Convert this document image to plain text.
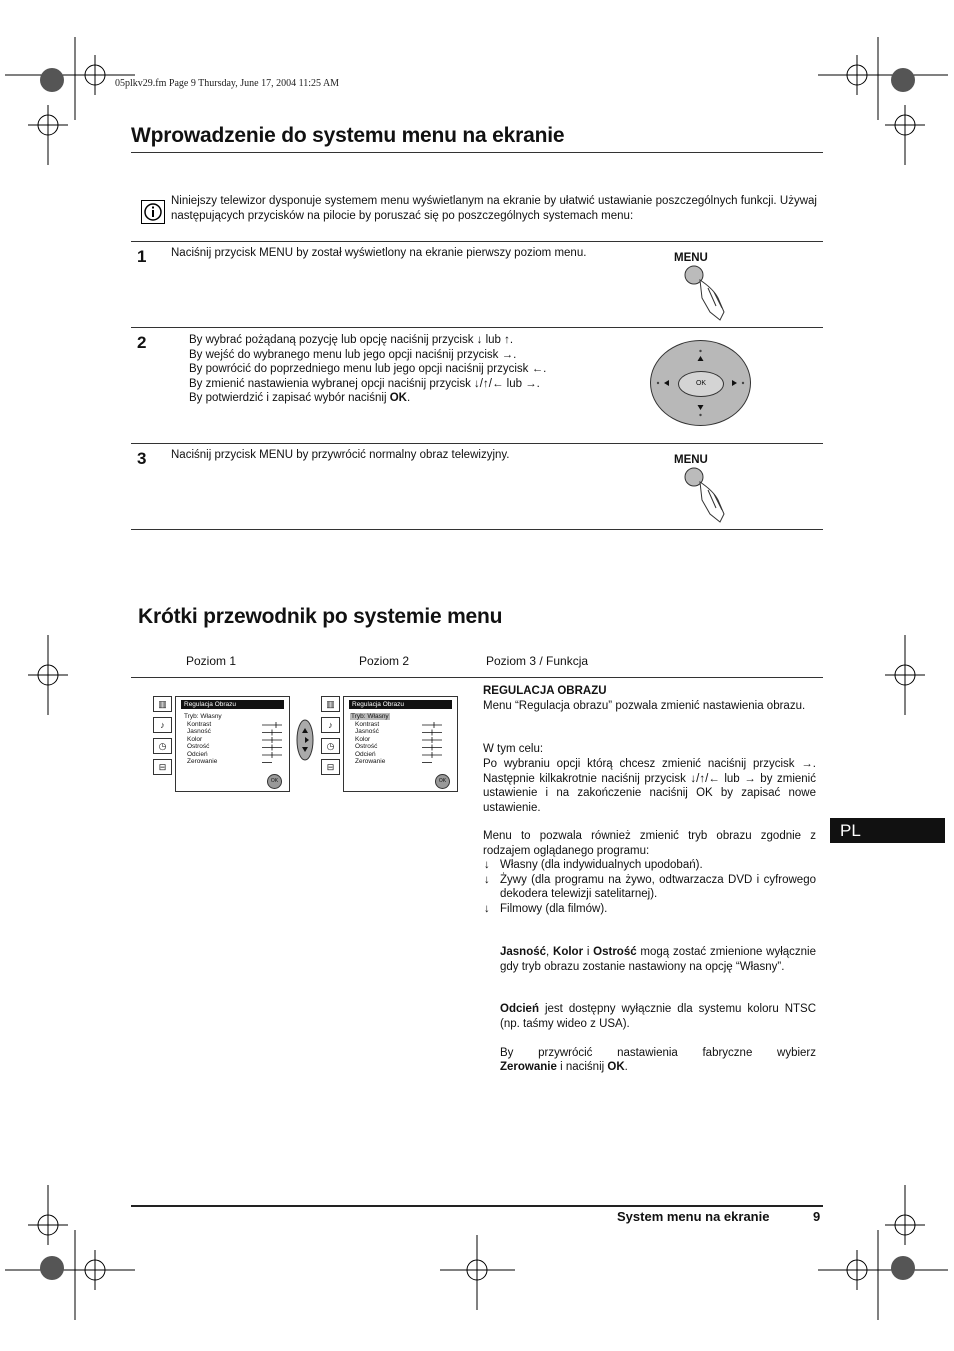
05plkv29.fm Page 9 Thursday, June 17, 2004 11:25 AM
Wprowadzenie do systemu menu na ekranie
Niniejszy telewizor dysponuje systemem menu wyświetlanym na ekranie by ułatwić ustawianie poszczególnych funkcji. Używaj następujących przycisków na pilocie by poruszać się po poszczególnych systemach menu:
1 Naciśnij przycisk MENU by został wyświetlony na ekranie pierwszy poziom menu.	MENU
2	By wybrać pożądaną pozycję lub opcję naciśnij przycisk ↓ lub ↑.
By wejść do wybranego menu lub jego opcji naciśnij przycisk →.
By powrócić do poprzedniego menu lub jego opcji naciśnij przycisk ←.
By zmienić nastawienia wybranej opcji naciśnij przycisk ↓/↑/← lub →.
By potwierdzić i zapisać wybór naciśnij OK.
OK
3 Naciśnij przycisk MENU by przywrócić normalny obraz telewizyjny.	MENU
Krótki przewodnik po systemie menu
Poziom 1	Poziom 2	Poziom 3 / Funkcja
▥
♪
◷
⊟
Regulacja Obrazu
Tryb: Własny
Kontrast
Jasność
Kolor
Ostrość
Odcień
Zerowanie
OK
▥
♪
◷
⊟
Regulacja Obrazu
Tryb: Własny
Kontrast
Jasność
Kolor
Ostrość
Odcień
Zerowanie
OK
REGULACJA OBRAZU
Menu “Regulacja obrazu” pozwala zmienić nastawienia obrazu.
W tym celu:
Po wybraniu opcji którą chcesz zmienić naciśnij przycisk →. Następnie kilkakrotnie naciśnij przycisk ↓/↑/← lub → by zmienić ustawienie i na zakończenie naciśnij OK by zapisać nowe ustawienie.
Menu to pozwala również zmienić tryb obrazu zgodnie z rodzajem oglądanego programu:
↓ Własny (dla indywidualnych upodobań).
↓ Żywy (dla programu na żywo, odtwarzacza DVD i cyfrowego dekodera telewizji satelitarnej).
↓ Filmowy (dla filmów).
Jasność, Kolor i Ostrość mogą zostać zmienione wyłącznie gdy tryb obrazu zostanie nastawiony na opcję “Własny”.
Odcień jest dostępny wyłącznie dla systemu koloru NTSC (np. taśmy wideo z USA).
By przywrócić nastawienia fabryczne wybierz
Zerowanie i naciśnij OK.
PL
System menu na ekranie	9
